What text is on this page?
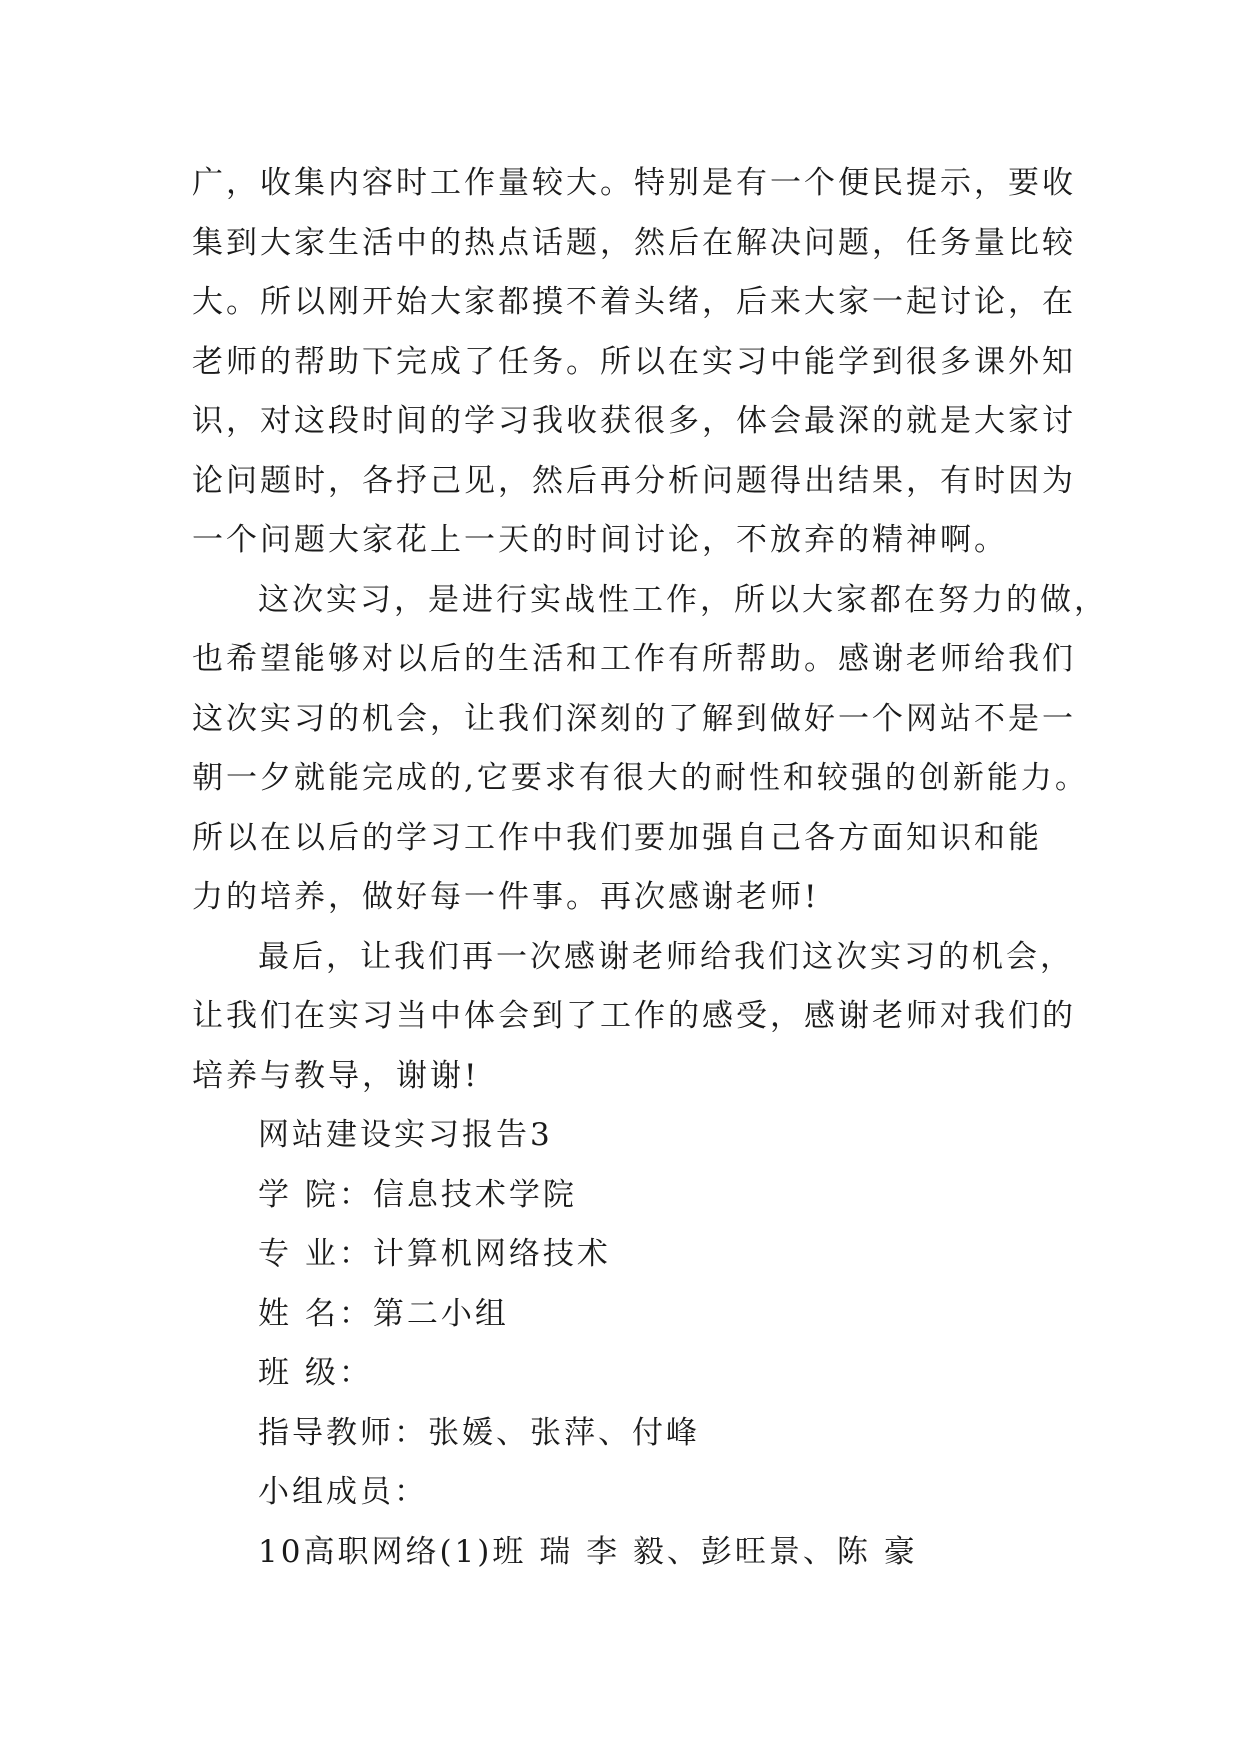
广，收集内容时工作量较大。特别是有一个便民提示，要收

集到大家生活中的热点话题，然后在解决问题，任务量比较

大。所以刚开始大家都摸不着头绪，后来大家一起讨论，在

老师的帮助下完成了任务。所以在实习中能学到很多课外知

识，对这段时间的学习我收获很多，体会最深的就是大家讨

论问题时，各抒己见，然后再分析问题得出结果，有时因为

一个问题大家花上一天的时间讨论，不放弃的精神啊。

这次实习，是进行实战性工作，所以大家都在努力的做，

也希望能够对以后的生活和工作有所帮助。感谢老师给我们

这次实习的机会，让我们深刻的了解到做好一个网站不是一

朝一夕就能完成的,它要求有很大的耐性和较强的创新能力。

所以在以后的学习工作中我们要加强自己各方面知识和能

力的培养，做好每一件事。再次感谢老师!

最后，让我们再一次感谢老师给我们这次实习的机会，

让我们在实习当中体会到了工作的感受，感谢老师对我们的

培养与教导，谢谢!

网站建设实习报告3

学 院：信息技术学院

专 业：计算机网络技术

姓 名：第二小组

班 级：

指导教师：张媛、张萍、付峰

小组成员：

10高职网络(1)班 瑞 李 毅、彭旺景、陈 豪
